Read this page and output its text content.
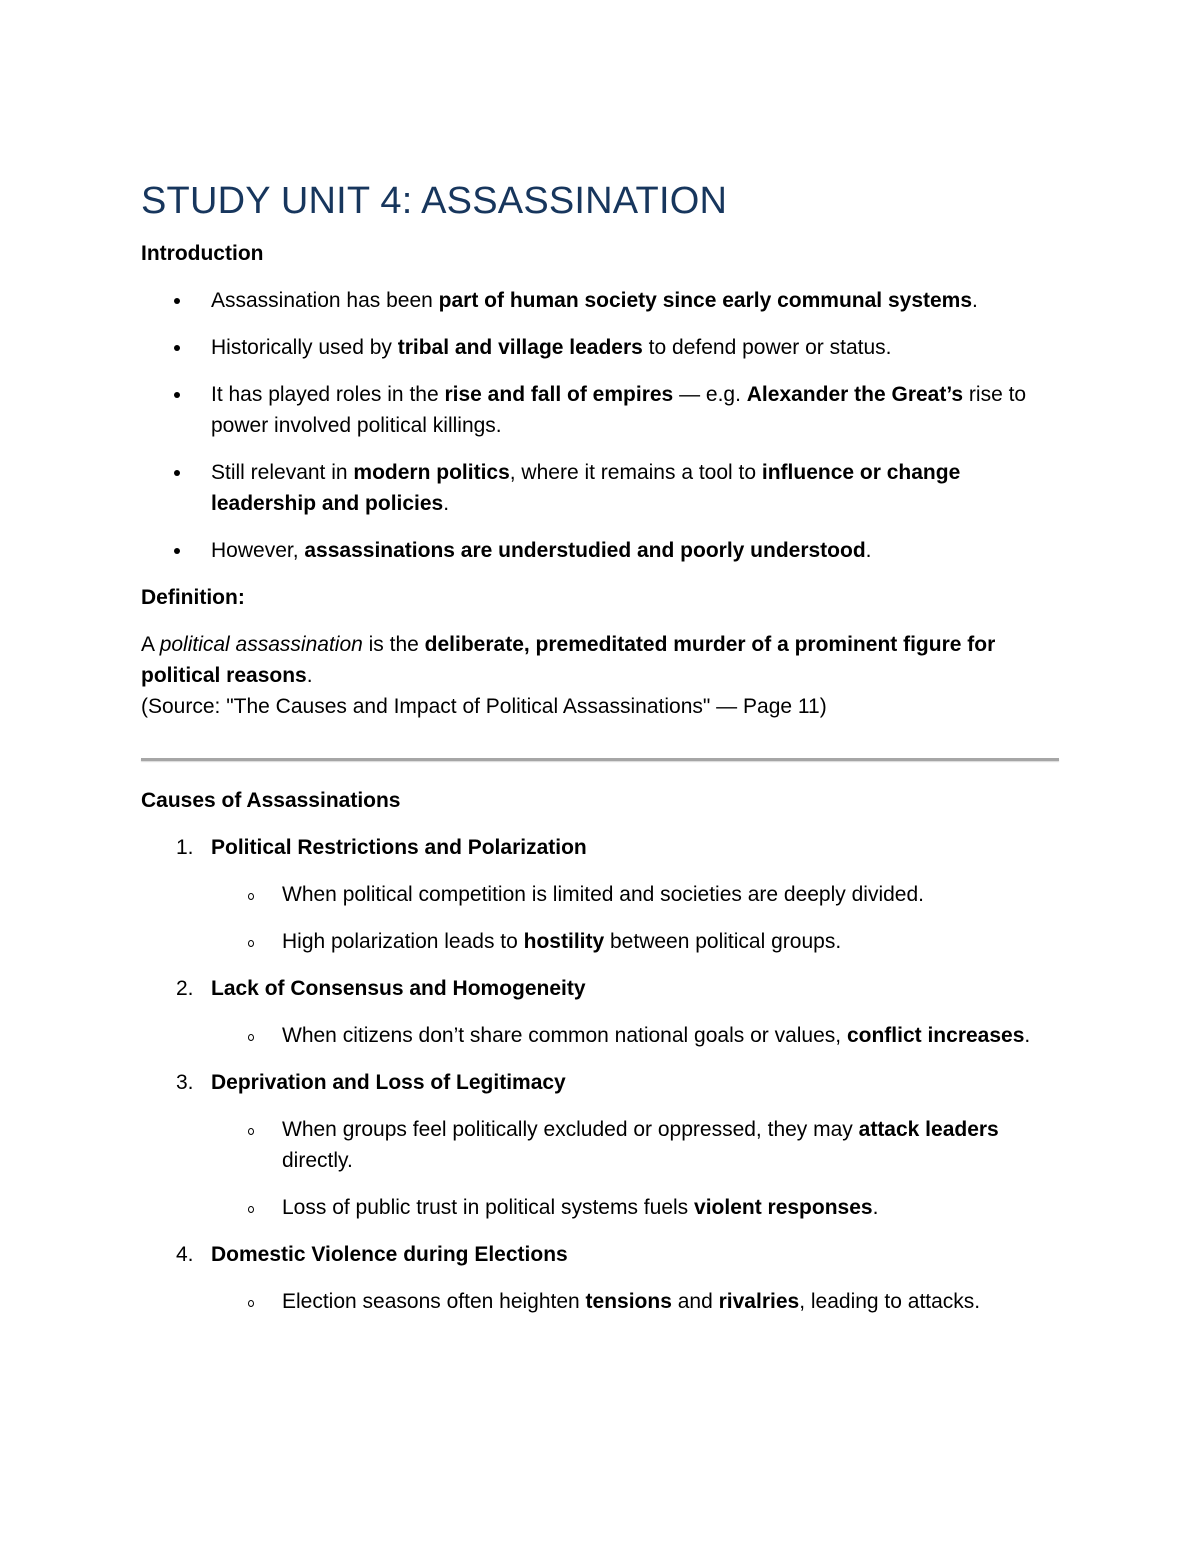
STUDY UNIT 4: ASSASSINATION
Introduction
Assassination has been part of human society since early communal systems.
Historically used by tribal and village leaders to defend power or status.
It has played roles in the rise and fall of empires — e.g. Alexander the Great’s rise to power involved political killings.
Still relevant in modern politics, where it remains a tool to influence or change leadership and policies.
However, assassinations are understudied and poorly understood.
Definition:

A political assassination is the deliberate, premeditated murder of a prominent figure for political reasons.

(Source: "The Causes and Impact of Political Assassinations" — Page 11)

Causes of Assassinations
1. Political Restrictions and Polarization
When political competition is limited and societies are deeply divided.
High polarization leads to hostility between political groups.
2. Lack of Consensus and Homogeneity
When citizens don’t share common national goals or values, conflict increases.
3. Deprivation and Loss of Legitimacy
When groups feel politically excluded or oppressed, they may attack leaders directly.
Loss of public trust in political systems fuels violent responses.
4. Domestic Violence during Elections
Election seasons often heighten tensions and rivalries, leading to attacks.
